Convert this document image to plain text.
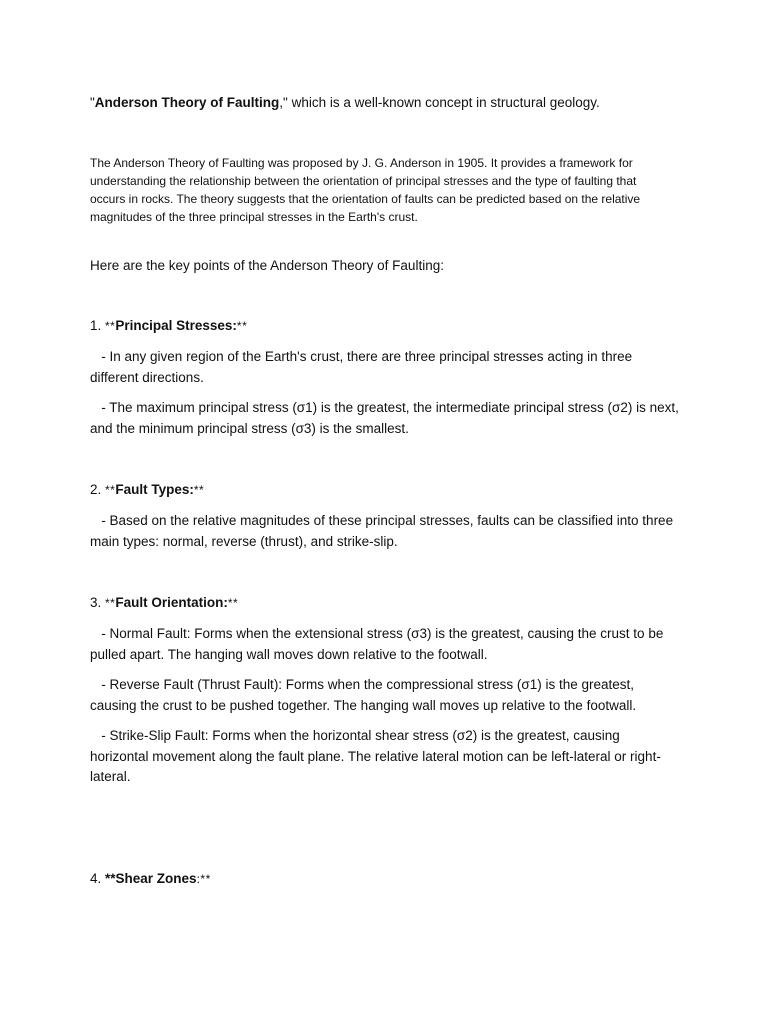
"Anderson Theory of Faulting," which is a well-known concept in structural geology.
The Anderson Theory of Faulting was proposed by J. G. Anderson in 1905. It provides a framework for understanding the relationship between the orientation of principal stresses and the type of faulting that occurs in rocks. The theory suggests that the orientation of faults can be predicted based on the relative magnitudes of the three principal stresses in the Earth's crust.
Here are the key points of the Anderson Theory of Faulting:
1. **Principal Stresses:**
- In any given region of the Earth's crust, there are three principal stresses acting in three different directions.
- The maximum principal stress (σ1) is the greatest, the intermediate principal stress (σ2) is next, and the minimum principal stress (σ3) is the smallest.
2. **Fault Types:**
- Based on the relative magnitudes of these principal stresses, faults can be classified into three main types: normal, reverse (thrust), and strike-slip.
3. **Fault Orientation:**
- Normal Fault: Forms when the extensional stress (σ3) is the greatest, causing the crust to be pulled apart. The hanging wall moves down relative to the footwall.
- Reverse Fault (Thrust Fault): Forms when the compressional stress (σ1) is the greatest, causing the crust to be pushed together. The hanging wall moves up relative to the footwall.
- Strike-Slip Fault: Forms when the horizontal shear stress (σ2) is the greatest, causing horizontal movement along the fault plane. The relative lateral motion can be left-lateral or right-lateral.
4. **Shear Zones:**
